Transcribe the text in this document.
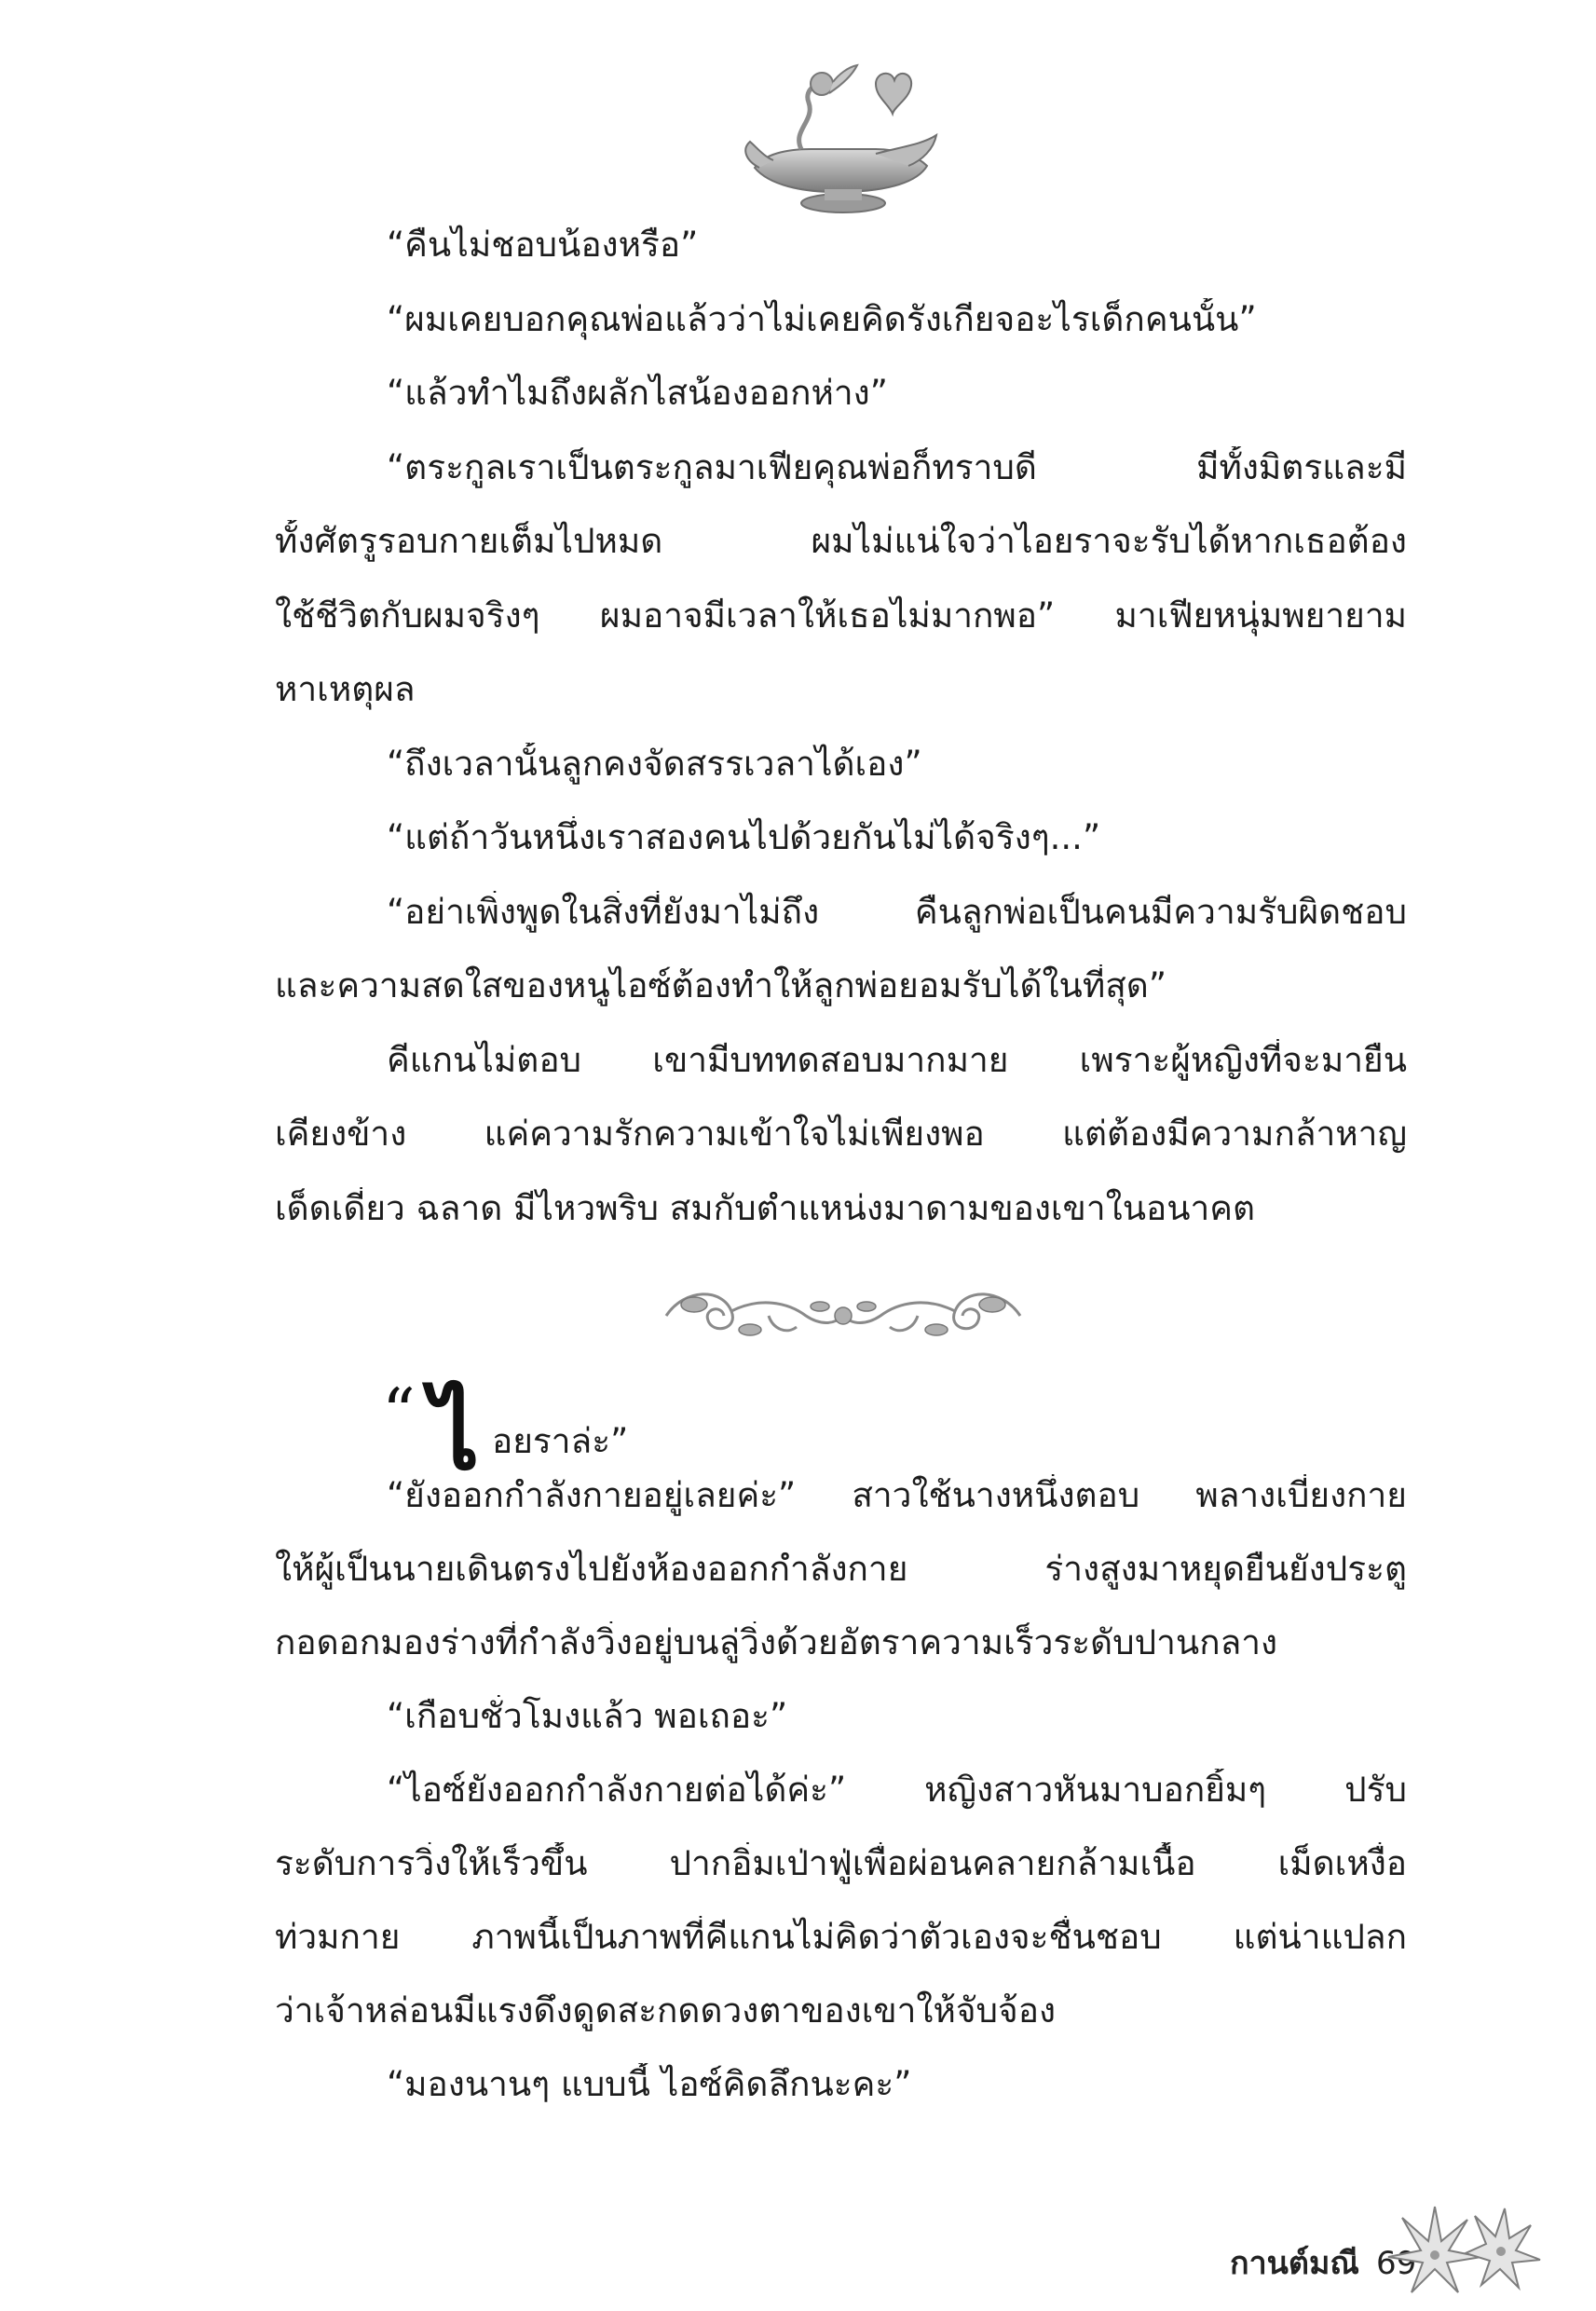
“คืนไม่ชอบน้องหรือ”
“ผมเคยบอกคุณพ่อแล้วว่าไม่เคยคิดรังเกียจอะไรเด็กคนนั้น”
“แล้วทำไมถึงผลักไสน้องออกห่าง”
“ตระกูลเราเป็นตระกูลมาเฟียคุณพ่อก็ทราบดี มีทั้งมิตรและมี
ทั้งศัตรูรอบกายเต็มไปหมด ผมไม่แน่ใจว่าไอยราจะรับได้หากเธอต้อง
ใช้ชีวิตกับผมจริงๆ ผมอาจมีเวลาให้เธอไม่มากพอ” มาเฟียหนุ่มพยายาม
หาเหตุผล
“ถึงเวลานั้นลูกคงจัดสรรเวลาได้เอง”
“แต่ถ้าวันหนึ่งเราสองคนไปด้วยกันไม่ได้จริงๆ...”
“อย่าเพิ่งพูดในสิ่งที่ยังมาไม่ถึง คืนลูกพ่อเป็นคนมีความรับผิดชอบ
และความสดใสของหนูไอซ์ต้องทำให้ลูกพ่อยอมรับได้ในที่สุด”
คีแกนไม่ตอบ เขามีบททดสอบมากมาย เพราะผู้หญิงที่จะมายืน
เคียงข้าง แค่ความรักความเข้าใจไม่เพียงพอ แต่ต้องมีความกล้าหาญ
เด็ดเดี่ยว ฉลาด มีไหวพริบ สมกับตำแหน่งมาดามของเขาในอนาคต
“ ไ อยราล่ะ”
“ยังออกกำลังกายอยู่เลยค่ะ” สาวใช้นางหนึ่งตอบ พลางเบี่ยงกาย
ให้ผู้เป็นนายเดินตรงไปยังห้องออกกำลังกาย ร่างสูงมาหยุดยืนยังประตู
กอดอกมองร่างที่กำลังวิ่งอยู่บนลู่วิ่งด้วยอัตราความเร็วระดับปานกลาง
“เกือบชั่วโมงแล้ว พอเถอะ”
“ไอซ์ยังออกกำลังกายต่อได้ค่ะ” หญิงสาวหันมาบอกยิ้มๆ ปรับ
ระดับการวิ่งให้เร็วขึ้น ปากอิ่มเป่าฟู่เพื่อผ่อนคลายกล้ามเนื้อ เม็ดเหงื่อ
ท่วมกาย ภาพนี้เป็นภาพที่คีแกนไม่คิดว่าตัวเองจะชื่นชอบ แต่น่าแปลก
ว่าเจ้าหล่อนมีแรงดึงดูดสะกดดวงตาของเขาให้จับจ้อง
“มองนานๆ แบบนี้ ไอซ์คิดลึกนะคะ”
กานต์มณี 69
